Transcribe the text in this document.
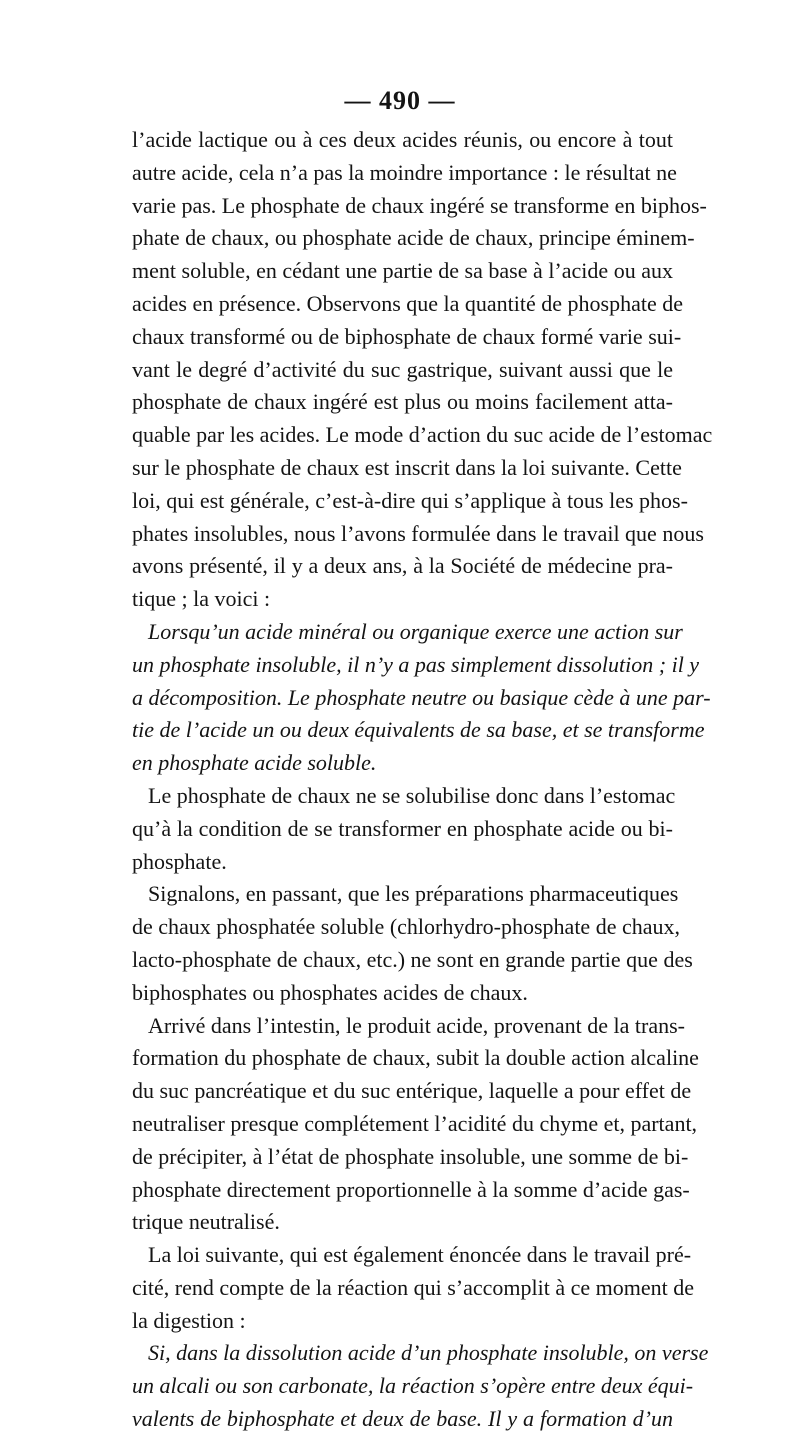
— 490 —
l’acide lactique ou à ces deux acides réunis, ou encore à tout
autre acide, cela n’a pas la moindre importance : le résultat ne
varie pas. Le phosphate de chaux ingéré se transforme en biphos-
phate de chaux, ou phosphate acide de chaux, principe éminem-
ment soluble, en cédant une partie de sa base à l’acide ou aux
acides en présence. Observons que la quantité de phosphate de
chaux transformé ou de biphosphate de chaux formé varie sui-
vant le degré d’activité du suc gastrique, suivant aussi que le
phosphate de chaux ingéré est plus ou moins facilement atta-
quable par les acides. Le mode d’action du suc acide de l’estomac
sur le phosphate de chaux est inscrit dans la loi suivante. Cette
loi, qui est générale, c’est-à-dire qui s’applique à tous les phos-
phates insolubles, nous l’avons formulée dans le travail que nous
avons présenté, il y a deux ans, à la Société de médecine pra-
tique ; la voici :
Lorsqu’un acide minéral ou organique exerce une action sur
un phosphate insoluble, il n’y a pas simplement dissolution ; il y
a décomposition. Le phosphate neutre ou basique cède à une par-
tie de l’acide un ou deux équivalents de sa base, et se transforme
en phosphate acide soluble.
Le phosphate de chaux ne se solubilise donc dans l’estomac
qu’à la condition de se transformer en phosphate acide ou bi-
phosphate.
Signalons, en passant, que les préparations pharmaceutiques
de chaux phosphatée soluble (chlorhydro-phosphate de chaux,
lacto-phosphate de chaux, etc.) ne sont en grande partie que des
biphosphates ou phosphates acides de chaux.
Arrivé dans l’intestin, le produit acide, provenant de la trans-
formation du phosphate de chaux, subit la double action alcaline
du suc pancréatique et du suc entérique, laquelle a pour effet de
neutraliser presque complétement l’acidité du chyme et, partant,
de précipiter, à l’état de phosphate insoluble, une somme de bi-
phosphate directement proportionnelle à la somme d’acide gas-
trique neutralisé.
La loi suivante, qui est également énoncée dans le travail pré-
cité, rend compte de la réaction qui s’accomplit à ce moment de
la digestion :
Si, dans la dissolution acide d’un phosphate insoluble, on verse
un alcali ou son carbonate, la réaction s’opère entre deux équi-
valents de biphosphate et deux de base. Il y a formation d’un
